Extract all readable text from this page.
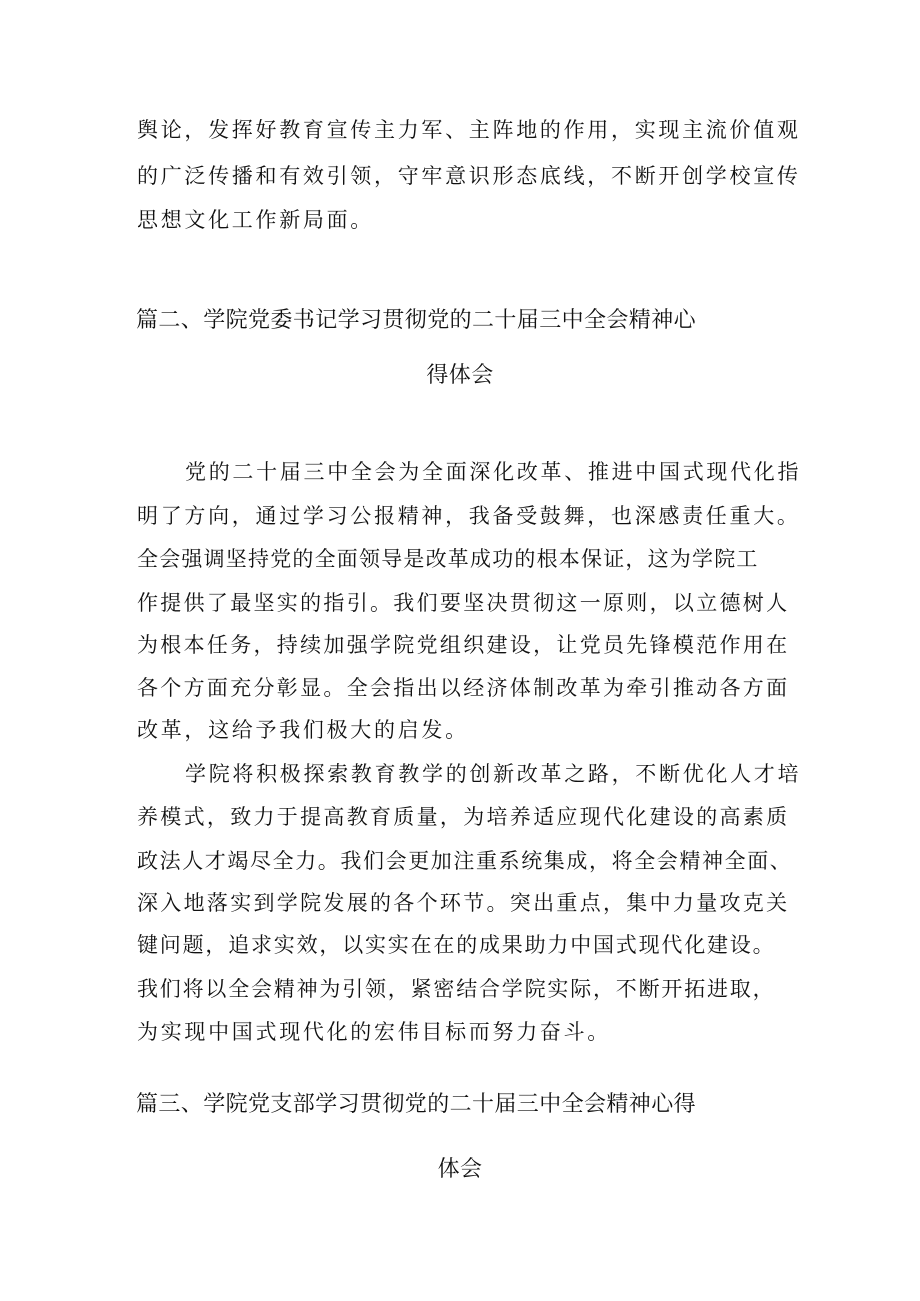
舆论，发挥好教育宣传主力军、主阵地的作用，实现主流价值观
的广泛传播和有效引领，守牢意识形态底线，不断开创学校宣传
思想文化工作新局面。
篇二、学院党委书记学习贯彻党的二十届三中全会精神心
得体会
党的二十届三中全会为全面深化改革、推进中国式现代化指
明了方向，通过学习公报精神，我备受鼓舞，也深感责任重大。
全会强调坚持党的全面领导是改革成功的根本保证，这为学院工
作提供了最坚实的指引。我们要坚决贯彻这一原则，以立德树人
为根本任务，持续加强学院党组织建设，让党员先锋模范作用在
各个方面充分彰显。全会指出以经济体制改革为牵引推动各方面
改革，这给予我们极大的启发。
学院将积极探索教育教学的创新改革之路，不断优化人才培
养模式，致力于提高教育质量，为培养适应现代化建设的高素质
政法人才竭尽全力。我们会更加注重系统集成，将全会精神全面、
深入地落实到学院发展的各个环节。突出重点，集中力量攻克关
键问题，追求实效，以实实在在的成果助力中国式现代化建设。
我们将以全会精神为引领，紧密结合学院实际，不断开拓进取，
为实现中国式现代化的宏伟目标而努力奋斗。
篇三、学院党支部学习贯彻党的二十届三中全会精神心得
体会
